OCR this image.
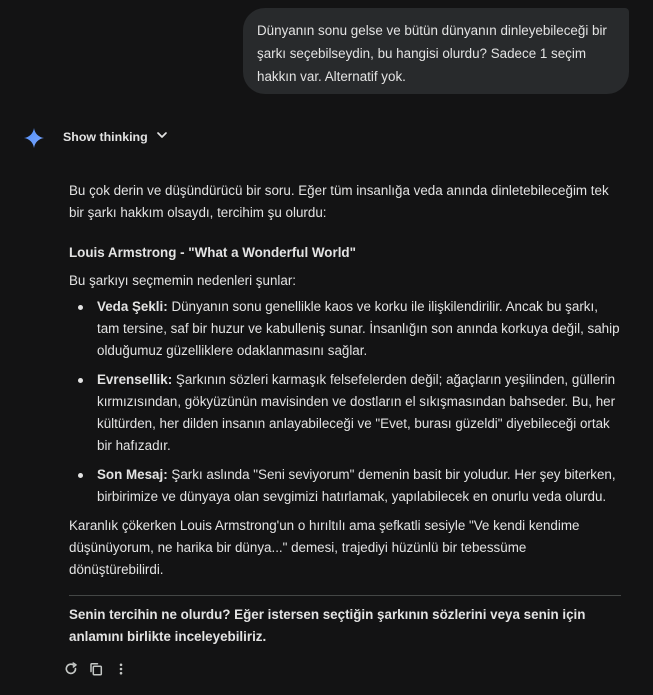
Dünyanın sonu gelse ve bütün dünyanın dinleyebileceği bir şarkı seçebilseydin, bu hangisi olurdu? Sadece 1 seçim hakkın var. Alternatif yok.
Show thinking

Bu çok derin ve düşündürücü bir soru. Eğer tüm insanlığa veda anında dinletebileceğim tek bir şarkı hakkım olsaydı, tercihim şu olurdu:

Louis Armstrong - "What a Wonderful World"

Bu şarkıyı seçmemin nedenleri şunlar:

Veda Şekli: Dünyanın sonu genellikle kaos ve korku ile ilişkilendirilir. Ancak bu şarkı, tam tersine, saf bir huzur ve kabulleniş sunar. İnsanlığın son anında korkuya değil, sahip olduğumuz güzelliklere odaklanmasını sağlar.
Evrensellik: Şarkının sözleri karmaşık felsefelerden değil; ağaçların yeşilinden, güllerin kırmızısından, gökyüzünün mavisinden ve dostların el sıkışmasından bahseder. Bu, her kültürden, her dilden insanın anlayabileceği ve "Evet, burası güzeldi" diyebileceği ortak bir hafızadır.
Son Mesaj: Şarkı aslında "Seni seviyorum" demenin basit bir yoludur. Her şey biterken, birbirimize ve dünyaya olan sevgimizi hatırlamak, yapılabilecek en onurlu veda olurdu.

Karanlık çökerken Louis Armstrong'un o hırıltılı ama şefkatli sesiyle "Ve kendi kendime düşünüyorum, ne harika bir dünya..." demesi, trajediyi hüzünlü bir tebessüme dönüştürebilirdi.

Senin tercihin ne olurdu? Eğer istersen seçtiğin şarkının sözlerini veya senin için anlamını birlikte inceleyebiliriz.
